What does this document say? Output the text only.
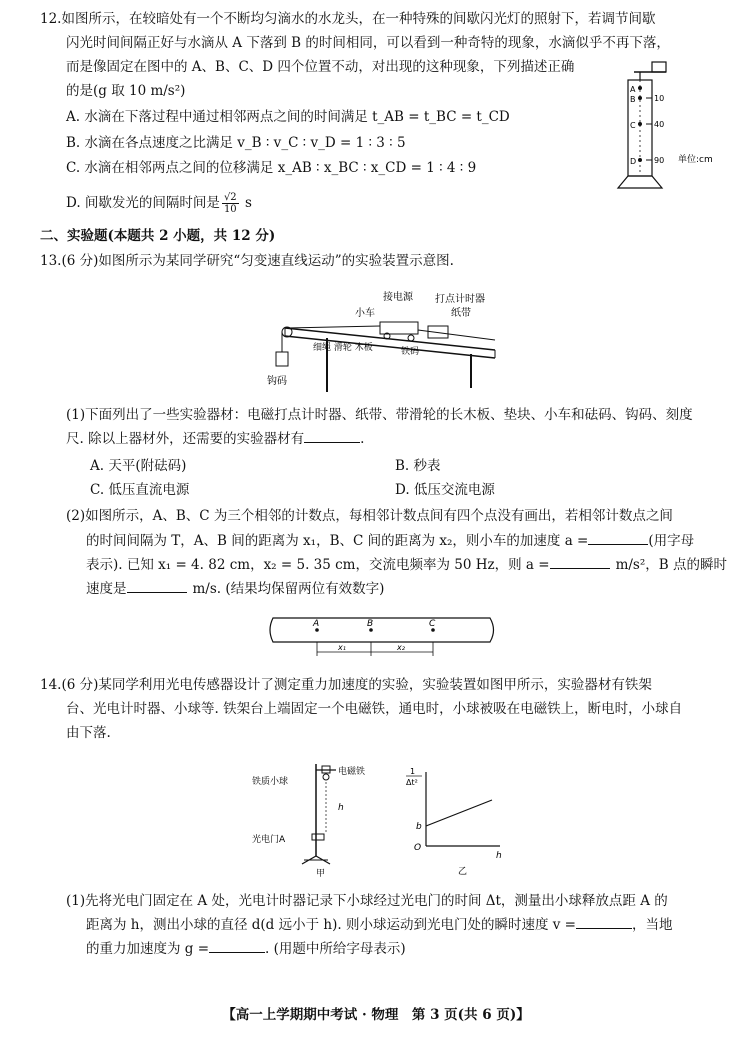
12.如图所示，在较暗处有一个不断均匀滴水的水龙头，在一种特殊的间歇闪光灯的照射下，若调节间歇
闪光时间间隔正好与水滴从 A 下落到 B 的时间相同，可以看到一种奇特的现象，水滴似乎不再下落，
而是像固定在图中的 A、B、C、D 四个位置不动，对出现的这种现象，下列描述正确
的是(g 取 10 m/s²)
A. 水滴在下落过程中通过相邻两点之间的时间满足 t_AB = t_BC = t_CD
B. 水滴在各点速度之比满足 v_B ∶ v_C ∶ v_D = 1 ∶ 3 ∶ 5
C. 水滴在相邻两点之间的位移满足 x_AB ∶ x_BC ∶ x_CD = 1 ∶ 4 ∶ 9
D. 间歇发光的间隔时间是 $\frac{√2}{10}$ s
A
B
C
D
10
40
90 单位:cm
二、实验题(本题共 2 小题，共 12 分)
13.(6 分)如图所示为某同学研究“匀变速直线运动”的实验装置示意图.
小车
接电源 打点计时器
纸带
细绳 滑轮 木板	铁码
钩码
(1)下面列出了一些实验器材：电磁打点计时器、纸带、带滑轮的长木板、垫块、小车和砝码、钩码、刻度
尺. 除以上器材外，还需要的实验器材有	.
A. 天平(附砝码)	B. 秒表
C. 低压直流电源	D. 低压交流电源
(2)如图所示，A、B、C 为三个相邻的计数点，每相邻计数点间有四个点没有画出，若相邻计数点之间
的时间间隔为 T，A、B 间的距离为 x₁，B、C 间的距离为 x₂，则小车的加速度 a =	(用字母
表示). 已知 x₁ = 4. 82 cm，x₂ = 5. 35 cm，交流电频率为 50 Hz，则 a =	m/s²，B 点的瞬时
速度是	m/s. (结果均保留两位有效数字)
A	B	C
x₁	x₂
14.(6 分)某同学利用光电传感器设计了测定重力加速度的实验，实验装置如图甲所示，实验器材有铁架
台、光电计时器、小球等. 铁架台上端固定一个电磁铁，通电时，小球被吸在电磁铁上，断电时，小球自
由下落.
铁质小球
电磁铁
光电门A
h
甲
1
Δt²
b
O
h
乙
(1)先将光电门固定在 A 处，光电计时器记录下小球经过光电门的时间 Δt，测量出小球释放点距 A 的
距离为 h，测出小球的直径 d(d 远小于 h). 则小球运动到光电门处的瞬时速度 v =	，当地
的重力加速度为 g =	. (用题中所给字母表示)
【高一上学期期中考试 · 物理　第 3 页(共 6 页)】
